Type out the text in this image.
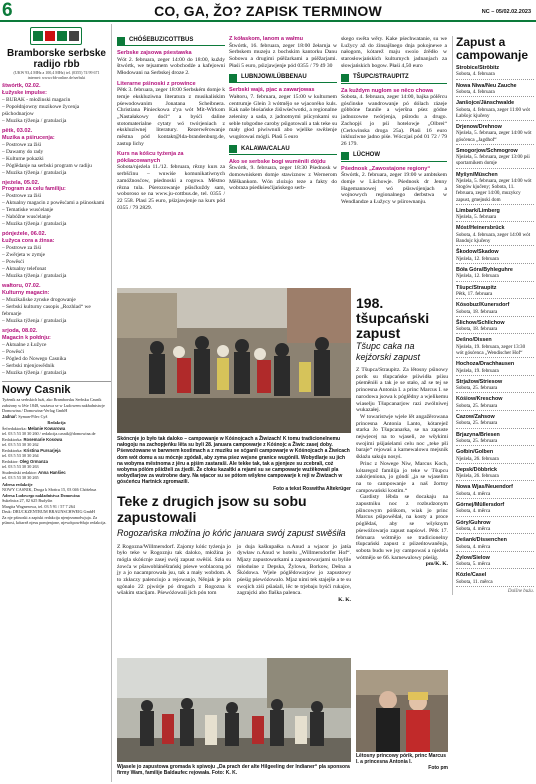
6	CO, GA, ŽO? ZAPISK TERMINOW	NC – 05/02.02.2023
Bramborske serbske radijo rbb
(UKW 93,4 MHz a 100,4 MHz) tel. (0355) 74 99 671
internet: www.rbb-online.de/serbski
štwórtk, 02.02.
Łužyske impulse:
– BUBAK - młožinski magacin
– Popołdnjowny muzikowe žycenja pśichodnarjow
– Muzika týženja / gratulacija
pětk, 03.02.
Muzika a pśirucenja:
– Postrowe za žiśi
– Dawamy do rady
– Kulturne pokazki
– Póglědanje na serbski program w radiju
– Muzika týženja / gratulacija
njeźela, 05.02.
Program za celu familiju:
– Postrowe za žiśi
– Aktualny magacin z powěsćami a pśinoskami
– Tematiske wusćelanje
– Nabóžne wusćelanje
– Muzika týženja / gratulacija
pónjeźele, 06.02.
Łužyca cora a źinsa:
– Postrowe za žiśi
– Zwěrjeta w zymje
– Powěsći
– Aktualny telefonat
– Muzika týženja / gratulacija
wałtoru, 07.02.
Kulturny magacin:
– Muzikaliske zynske drogowanje
– Serbski kulturny casopis „Rozhlad“ we februarje
– Muzika týženja / gratulacija
srjoda, 08.02.
Magacin k połdnju:
– Aktualne z Łužyce
– Powěsći
– Pógled do Nowego Casnika
– Serbski mjenjowědnik
– Muzika týženja / gratulacija
Nowy Casnik
Tyźenik za serbskich luźi, ako Bramborsku Serbsku Casnik założony w lěśe 1848, wuźawa se w Ludowem nakładnistwje Domowina / Domowina-Verlag GmbH
Jadnaŕ: Syman-Pilec Cyž
Redakcija
Šefredaktorka: Melanie Kowarowa
tel. 03 5 53 30 30 260 / redakcija.casnik@domowina.de
Redaktorka: Rosemarie Kosowa
tel. 03 5 53 30 30 262
Redaktorka: Kristina Pursarjeja
tel. 03 5 53 30 30 264
Redaktor: Oleg Ormanza
tel. 03 5 53 30 30 263
Studentiski redaktor: Anna Hanšiec
tel. 03 5 53 30 30 265
Adresa redakcije
NOWY CASNIK, Droga k Słońcu 15, 03 046 Chóśebuz
Adresa Ludowego nakładnistwa Domowina
Sukelnica 27, 02 625 Budyšin
Margita Wagnerowa, tel. 03 5 91 / 57 7 264
Druk: DRUCKZENTRUM BRAUNSCHWEIG GmbH
Za nje pśinoski a zapiski redakcija njenjezamołwjuja. Za pśinosi, kótarež njesu pomjenjone, njewótpowědujo redakcija.
CHÓŚEBUZ/COTTBUS
Serbske zajsowa pśestawka
Wót 2. februara, zeger 14:00 do 18:00, kuždy štwórtk, we tejsamem wobchodźe a kafejowni Młodowani na Serbskej droze 2.
Literarne pśinoski z prowince
Pětk 3. februara, zeger 18:00 Serbském domje k temje ekskluziwna literatura z musikaliskim pśewodowanim Jonatana Scheibnera. Christiana Pinieckowa z'ya wót Mit-Wirkom „Nastałakowy doći“ a byśći daline stotomaterialne cytaty wó twórjeniach z ekskluziwnej literatury. Rezerwěrowanje městna pód kontakt@lda-brandenburg.de, zastup lichy
Kurs na kóšcu tyźenja za pókšacowanych
Sobota/njeźela 11./12. februara, rězny kurs za serbšćinu – wuwiśe komunikatiwnych zamóžnosćow, pśednoski a rogowa. Městno rězna tula. Pśerozowanje pśisćkuždy sam, woboroso se na www.ju-cottbus.de, tel. 0355 / 22 558. Plasi 25 euro, pśizjawjenje na kurs pód 0355 / 79 2829.
Z kółaskom, lanom a wałmu
Štwórtk, 16. februara, zeger 18:00 žełarnja w Serbskem muzeju z bochskim kantorku Danu Sobowu a drugimi pśěžarkami a pśěžarjami. Płaśi 5 euro, pśizjawjenje pód 0355 / 79 49 30
LUBNJOW/LÜBBENAU
Serbski wajś, pjac a zawarjowas
Wałtoru, 7. februara, zeger 15:00 w kulturnem centrumje Glein 3 wótmějo se wjacoréko kuls. Kak naše błośańske źiśiwśećwotki, a regionalne zeleniny a sada, z jadnotnymi pśicynkami su seble tobgodne caroby pśigotowali a tak teke su mały głod piwiwnuli abo wjelike swěźenje wugótowaś mógli. Płaśi 5 euro
KALAWA/CALAU
Ako se serbske bogi wuměnili dójdu
Štwórtk, 9. februara, zeger 18:30 Pśednosk w domowniskem domje stawiznow z Wernerom Měškankom. Wón zlożujo teze a fakty do wobraza pśedkśesćijańskego serb-
skego swěta wěry. Kake pśechwatanie, su we Łužycy až do źinsajšnego dnja pokojnewe a nałogom, kótarež maju swoio źrědło w starosłowjańskich kulturnych jadnanjach za słowjańskich bogow. Płaśi 4,50 euro
TŠUPC/STRAUPITZ
Za kuždym nuglom se něco chowa
Sobota, 4. februara, zeger 14:00, bajka pólěrcu gósćinske wandrowanje pó dólach rázeje góbbóne faunile a wjeršna pśez gódne jadnozowne twórjenja, pśirodu a drugo. Zachopjś jo pśi hotelowje „Olbrei“ (Cerkwinska droga 25a). Płaśi 16 euro inkluziwne jadno piśe. Wóczjaś pód 01 72 / 79 26 179.
LÜCHOW
Pśednosk „Zawostajone regiony“
Štwórtk, 2. februara, zeger 19:00 w ambtskem domje w Lüchowje. Pśednosk dr Jenny Hagemannowej wó pśiswójenjach a wojnowych regionalnego derbstwa w Wendlandze a Łužycy w pśirownanju.
Skóncnje jo było tak daloko – campowanje w Kóśnojcach a Žiwizach! K tomu tradicionelnemu nałogoju na zachopjeńku lěta su byli 28. januara campowarje z Kóśnojc a Žiwic zasej doby. Pśewoźowane w barwnem kostimach a z muziku se sćganli campowarje w Kóśnojcach a Žiwicach dom wót domu a su mócnje zgódali, aby zyma pśez wejsne granice wugónili. Wobydlarje su jich na wobyma městnoma z jěru a pjśim zastaraši. Ale tekke tak, tak a pjenjeze su zcebrali, coż wobyma pólóm pšidželi za źjedli. Že cłoku kazaltki a rejami su se campowarje wuźěkowali pla wobydlarjow za wutrobne dary. Na wjacor su se pótom wšykne campowarje k reji w Žiwizach w gósćeńcu Hartnick zgromazili.
Foto a tekst Roswitha Altekrüger
198. tšupcański zapust
Tšupc caka na kejźorski zapust
Z Tšupca/Straupitz. Za lětosny pśinowy porik su tšupcańske pśiwidła pśisu pśeměniłi a tak je se stało, až se tej se princesna Antonia I. a princ Marcus I. se narodowa jsowa k póglědny a wjelikemu wiaselju Tšupcanarjow razi zwólniwej wukazałej.
W towaristwje wjele lět angažěrowana princesna Antonia Lanto, kótarejež starka Jo Tšupcanarka, se na zapuste nejwjecej na to wjaseli, ze wšykimi swojimi pśijaśelami celu noc „tekе pši baraje“ rejowaś a karnewalowu mejsnik śkłaźu sakuju nosyś.
Princ z Nowege Niw, Marcus Koch, kótaregož familija jo teke w Tšupcu zakórjeniona, jo góndí „ja se wjaselim na to campowanje a naš žortny campowański kostim.“
Gardisty lěbda se docakaju na zapustniku noc z rozbudzonym pšincowym póńkom, wiak jo princ Marcus pśipowědał, na kosty a proce póglědaś, aby se wšyknym pśewóźowarjo zapust napśowl. Pětk 17. februara wótmějo se tradicionelny tšupcański zapust z pśizeńtowaněnja, sobota budu we jsy campowaś a njeźela wótmějo se 66. karnewalowy pśeśig.
pm/K. K.
Lětosny princowy pórik, princ Marcus I. a princesna Antonia I.
Foto pm
Teke z drugich jsow su sobu zapustowali
Rogozańska młožina jo kóńc januara swój zapust swěśiła
Z Rogozna/Willmersdorf. Zajomy kóńc tyźenja jo było teke w Rogoznju tak daloko, młožina jo mógla skóńcnje zasej swój zapust swěśiś. Szła su źowća w pšawoblánéšrańskj pśewe woblaconą pó jy a jo nacamprowała jsu, tak a mały wobdom. A to zkłaczy palenciujo a rejowanjo, Něnjak je pón sgónalo 22 pjwórje pó drogach z Rogozna k wšakim stacijam. Pśewóźowali jich pón tom
jo duja kaškupałka n.Anud a wjacor jo jatśa dywław n.Anud w hotelu „Willmersdorfer Hof“. Mjazy zapustowarkami a zapustowarjami su bylile młoduśne z Depska, Žylowa, Borkow, Dešna a Škódowa. Wjele póglědowarjow jo zapustowy pśeśig pśewóźowalo. Mjaz nimi tek stajejše a te su swojich ziśi pśiaśali, lěc te trjebaju byśći rukajce, zagrajcki abo flaška palenca.
K. K.
Wjasele jo zapustowa gromada k spiwoju „Da prach der alte Hilgeeling der Indianer“ pla sponsora firmy Wam, familije Baldaufec rejowała. Foto: K. K.
Zapust a campowanje
Strobice/Ströbitz
Sobota, 4. februara
Nowa Niwa/Neu Zauche
Sobota, 4. februara
Janšojce/Jänschwalde
Sobota, 4. februara, zeger 11:00 wót Łabšojc kjučeny
Drjenow/Drehnow
Njeźela, 5. februara, zeger 14:00 wót gósćenca „Jagdhof“
Smogorjow/Schmogrow
Njeźela, 5. februara, zeger 13:00 pśi sportarnikem domje
Myšyn/Müschen
Njeźela, 5. februara, zeger 14:00 wót Stogów kjučeny; Sobota, 11. februara, zeger 14:00, muzykcy zapust, gmejnski dom
Limbark/Limberg
Njeźela, 5. februara
Móst/Heinersbrück
Sobota, 4. februara, zeger 14:00 wót Bandojc kjučeny
Škodow/Skadow
Njeźela, 12. februara
Bóła Góra/Byhleguhre
Njeźela, 12. februara
Tšupc/Straupitz
Pětk, 17. februara
Kósobuz/Kunersdorf
Sobota, 18. februara
Šlichow/Schlichow
Sobota, 18. februara
Dešno/Dissen
Njeźela, 19. februara, zeger 13:30 wót gósćenca „Wendischer Hof“
Hochoza/Drachhausen
Njeźela, 19. februara
Strjažow/Striesow
Sobota, 25. februara
Kóśiow/Kreschow
Sobota, 25. februara
Cazow/Zahsow
Sobota, 25. februara
Brjazyna/Briesen
Sobota, 25. februara
Gołbin/Golben
Njeźela, 26. februara
Depsk/Döbbrick
Njeźela, 26. februara
Nowa Wjas/Neuendorf
Sobota, 4. měrca
Górnej/Müllersdorf
Sobota, 4. měrca
Góry/Guhrow
Sobota, 4. měrca
Dešank/Dissenchen
Sobota, 4. měrca
Žylow/Sielow
Sobota, 5. měrca
Kózle/Casel
Sobota, 11. měrca
Dalšne buźu.
